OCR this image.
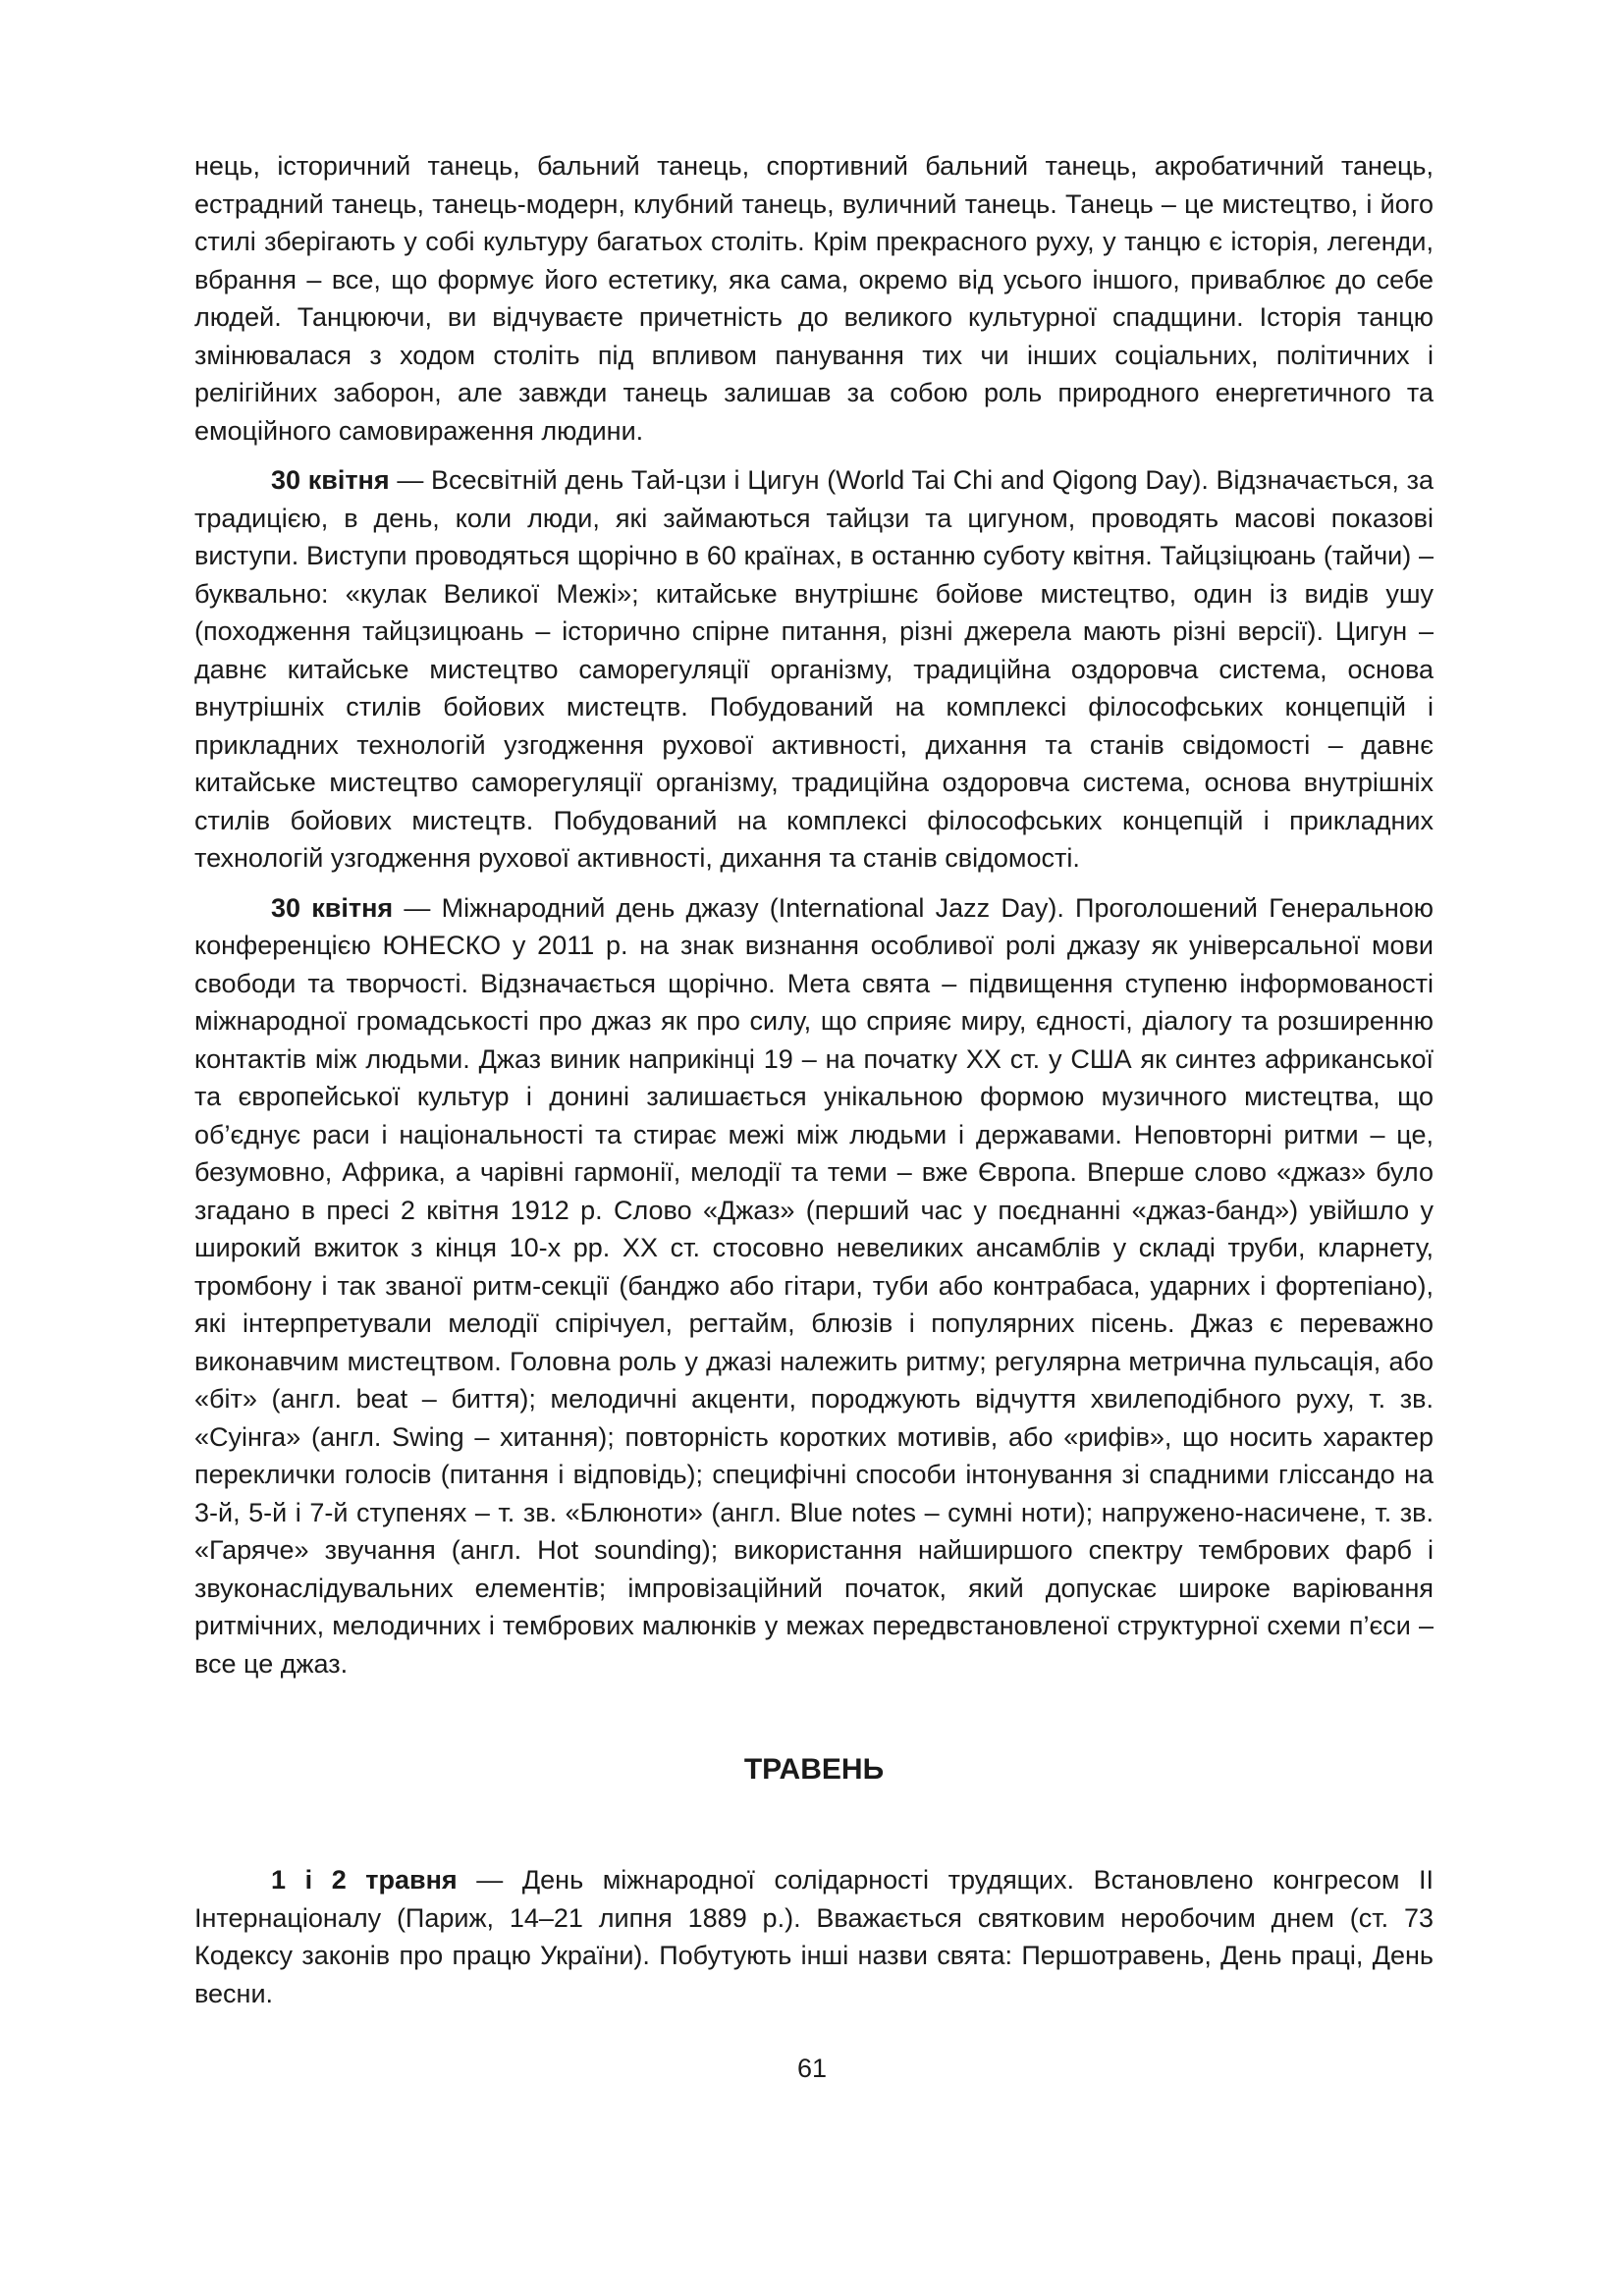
нець, історичний танець, бальний танець, спортивний бальний танець, акробатичний танець, естрадний танець, танець-модерн, клубний танець, вуличний танець. Танець – це мистецтво, і його стилі зберігають у собі культуру багатьох століть. Крім прекрасного руху, у танцю є історія, легенди, вбрання – все, що формує його естетику, яка сама, окремо від усього іншого, приваблює до себе людей. Танцюючи, ви відчуваєте причетність до великого культурної спадщини. Історія танцю змінювалася з ходом століть під впливом панування тих чи інших соціальних, політичних і релігійних заборон, але завжди танець залишав за собою роль природного енергетичного та емоційного самовираження людини.

30 квітня — Всесвітній день Тай-цзи і Цигун (World Tai Chi and Qigong Day). Відзначається, за традицією, в день, коли люди, які займаються тайцзи та цигуном, проводять масові показові виступи. Виступи проводяться щорічно в 60 країнах, в останню суботу квітня. Тайцзіцюань (тайчи) – буквально: «кулак Великої Межі»; китайське внутрішнє бойове мистецтво, один із видів ушу (походження тайцзицюань – історично спірне питання, різні джерела мають різні версії). Цигун – давнє китайське мистецтво саморегуляції організму, традиційна оздоровча система, основа внутрішніх стилів бойових мистецтв. Побудований на комплексі філософських концепцій і прикладних технологій узгодження рухової активності, дихання та станів свідомості – давнє китайське мистецтво саморегуляції організму, традиційна оздоровча система, основа внутрішніх стилів бойових мистецтв. Побудований на комплексі філософських концепцій і прикладних технологій узгодження рухової активності, дихання та станів свідомості.

30 квітня — Міжнародний день джазу (International Jazz Day). Проголошений Генеральною конференцією ЮНЕСКО у 2011 р. на знак визнання особливої ролі джазу як універсальної мови свободи та творчості. Відзначається щорічно. Мета свята – підвищення ступеню інформованості міжнародної громадськості про джаз як про силу, що сприяє миру, єдності, діалогу та розширенню контактів між людьми. Джаз виник наприкінці 19 – на початку XX ст. у США як синтез африканської та європейської культур і донині залишається унікальною формою музичного мистецтва, що об’єднує раси і національності та стирає межі між людьми і державами. Неповторні ритми – це, безумовно, Африка, а чарівні гармонії, мелодії та теми – вже Європа. Вперше слово «джаз» було згадано в пресі 2 квітня 1912 р. Слово «Джаз» (перший час у поєднанні «джаз-банд») увійшло у широкий вжиток з кінця 10-х рр. XX ст. стосовно невеликих ансамблів у складі труби, кларнету, тромбону і так званої ритм-секції (банджо або гітари, туби або контрабаса, ударних і фортепіано), які інтерпретували мелодії спірічуел, регтайм, блюзів і популярних пісень. Джаз є переважно виконавчим мистецтвом. Головна роль у джазі належить ритму; регулярна метрична пульсація, або «біт» (англ. beat – биття); мелодичні акценти, породжують відчуття хвилеподібного руху, т. зв. «Суінга» (англ. Swing – хитання); повторність коротких мотивів, або «рифів», що носить характер переклички голосів (питання і відповідь); специфічні способи інтонування зі спадними глісcандо на 3-й, 5-й і 7-й ступенях – т. зв. «Блюноти» (англ. Blue notes – сумні ноти); напружено-насичене, т. зв. «Гаряче» звучання (англ. Hot sounding); використання найширшого спектру тембрових фарб і звуконаслідувальних елементів; імпровізаційний початок, який допускає широке варіювання ритмічних, мелодичних і тембрових малюнків у межах передвстановленої структурної схеми п’єси – все це джаз.

ТРАВЕНЬ

1 і 2 травня — День міжнародної солідарності трудящих. Встановлено конгресом II Інтернаціоналу (Париж, 14–21 липня 1889 р.). Вважається святковим неробочим днем (ст. 73 Кодексу законів про працю України). Побутують інші назви свята: Першотравень, День праці, День весни.

61
